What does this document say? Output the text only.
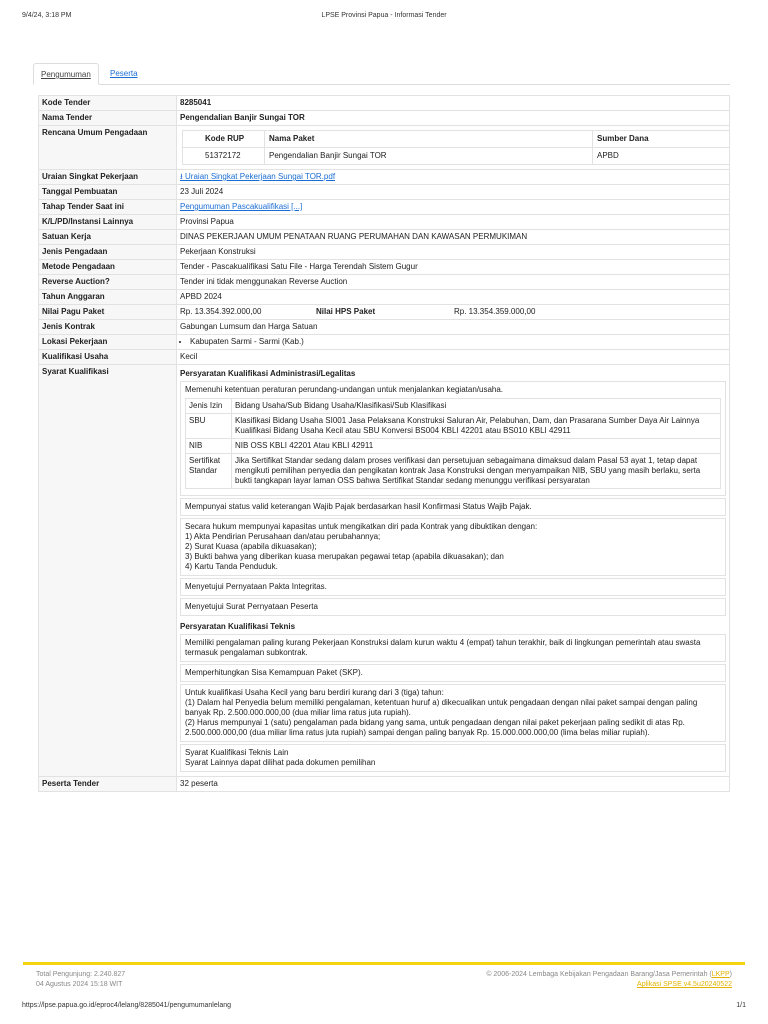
9/4/24, 3:18 PM	LPSE Provinsi Papua - Informasi Tender
Pengumuman	Peserta
Kode Tender	8285041
Nama Tender	Pengendalian Banjir Sungai TOR
Rencana Umum Pengadaan	
Kode RUP	Nama Paket	Sumber Dana
51372172	Pengendalian Banjir Sungai TOR	APBD

Uraian Singkat Pekerjaan	⭳ Uraian Singkat Pekerjaan Sungai TOR.pdf
Tanggal Pembuatan	23 Juli 2024
Tahap Tender Saat ini	Pengumuman Pascakualifikasi [...]
K/L/PD/Instansi Lainnya	Provinsi Papua
Satuan Kerja	DINAS PEKERJAAN UMUM PENATAAN RUANG PERUMAHAN DAN KAWASAN PERMUKIMAN
Jenis Pengadaan	Pekerjaan Konstruksi
Metode Pengadaan	Tender - Pascakualifikasi Satu File - Harga Terendah Sistem Gugur
Reverse Auction?	Tender ini tidak menggunakan Reverse Auction
Tahun Anggaran	APBD 2024
Nilai Pagu Paket		Rp. 13.354.392.000,00	Nilai HPS Paket	Rp. 13.354.359.000,00

Jenis Kontrak	Gabungan Lumsum dan Harga Satuan
Lokasi Pekerjaan	
•Kabupaten Sarmi - Sarmi (Kab.)

Kualifikasi Usaha	Kecil
Syarat Kualifikasi	Persyaratan Kualifikasi Administrasi/Legalitas
Memenuhi ketentuan peraturan perundang-undangan untuk menjalankan kegiatan/usaha.
Jenis Izin	Bidang Usaha/Sub Bidang Usaha/Klasifikasi/Sub Klasifikasi
SBU	Klasifikasi Bidang Usaha SI001 Jasa Pelaksana Konstruksi Saluran Air, Pelabuhan, Dam, dan Prasarana Sumber Daya Air Lainnya Kualifikasi Bidang Usaha Kecil atau SBU Konversi BS004 KBLI 42201 atau BS010 KBLI 42911
NIB	NIB OSS KBLI 42201 Atau KBLI 42911
Sertifikat Standar	Jika Sertifikat Standar sedang dalam proses verifikasi dan persetujuan sebagaimana dimaksud dalam Pasal 53 ayat 1, tetap dapat mengikuti pemilihan penyedia dan pengikatan kontrak Jasa Konstruksi dengan menyampaikan NIB, SBU yang masih berlaku, serta bukti tangkapan layar laman OSS bahwa Sertifikat Standar sedang menunggu verifikasi persyaratan
Mempunyai status valid keterangan Wajib Pajak berdasarkan hasil Konfirmasi Status Wajib Pajak.
Secara hukum mempunyai kapasitas untuk mengikatkan diri pada Kontrak yang dibuktikan dengan:
1) Akta Pendirian Perusahaan dan/atau perubahannya;
2) Surat Kuasa (apabila dikuasakan);
3) Bukti bahwa yang diberikan kuasa merupakan pegawai tetap (apabila dikuasakan); dan
4) Kartu Tanda Penduduk.
Menyetujui Pernyataan Pakta Integritas.
Menyetujui Surat Pernyataan Peserta
Persyaratan Kualifikasi Teknis
Memiliki pengalaman paling kurang Pekerjaan Konstruksi dalam kurun waktu 4 (empat) tahun terakhir, baik di lingkungan pemerintah atau swasta termasuk pengalaman subkontrak.
Memperhitungkan Sisa Kemampuan Paket (SKP).
Untuk kualifikasi Usaha Kecil yang baru berdiri kurang dari 3 (tiga) tahun:
(1) Dalam hal Penyedia belum memiliki pengalaman, ketentuan huruf a) dikecualikan untuk pengadaan dengan nilai paket sampai dengan paling banyak Rp. 2.500.000.000,00 (dua miliar lima ratus juta rupiah).
(2) Harus mempunyai 1 (satu) pengalaman pada bidang yang sama, untuk pengadaan dengan nilai paket pekerjaan paling sedikit di atas Rp. 2.500.000.000,00 (dua miliar lima ratus juta rupiah) sampai dengan paling banyak Rp. 15.000.000.000,00 (lima belas miliar rupiah).
Syarat Kualifikasi Teknis Lain
Syarat Lainnya dapat dilihat pada dokumen pemilihan

Peserta Tender	32 peserta
Total Pengunjung: 2.240.827
04 Agustus 2024 15:18 WIT
© 2006-2024 Lembaga Kebijakan Pengadaan Barang/Jasa Pemerintah (LKPP)
Aplikasi SPSE v4.5u20240522
https://lpse.papua.go.id/eproc4/lelang/8285041/pengumumanlelang	1/1
